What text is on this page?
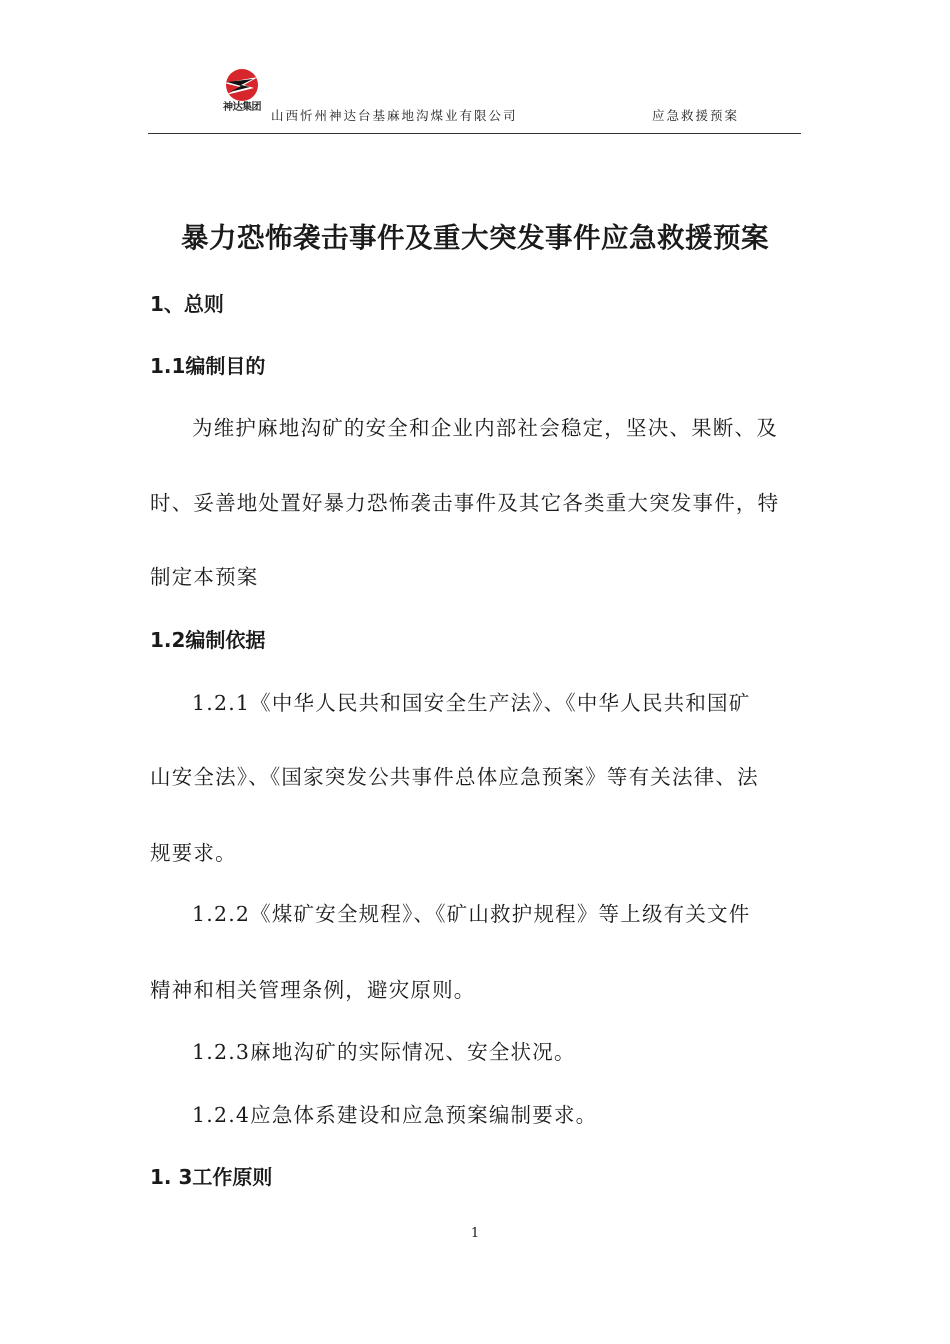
神达集团
山西忻州神达台基麻地沟煤业有限公司	应急救援预案
暴力恐怖袭击事件及重大突发事件应急救援预案
1、总则
1.1编制目的
为维护麻地沟矿的安全和企业内部社会稳定，坚决、果断、及
时、妥善地处置好暴力恐怖袭击事件及其它各类重大突发事件，特
制定本预案
1.2编制依据
1.2.1《中华人民共和国安全生产法》、《中华人民共和国矿
山安全法》、《国家突发公共事件总体应急预案》等有关法律、法
规要求。
1.2.2《煤矿安全规程》、《矿山救护规程》等上级有关文件
精神和相关管理条例，避灾原则。
1.2.3麻地沟矿的实际情况、安全状况。
1.2.4应急体系建设和应急预案编制要求。
1. 3工作原则
1
